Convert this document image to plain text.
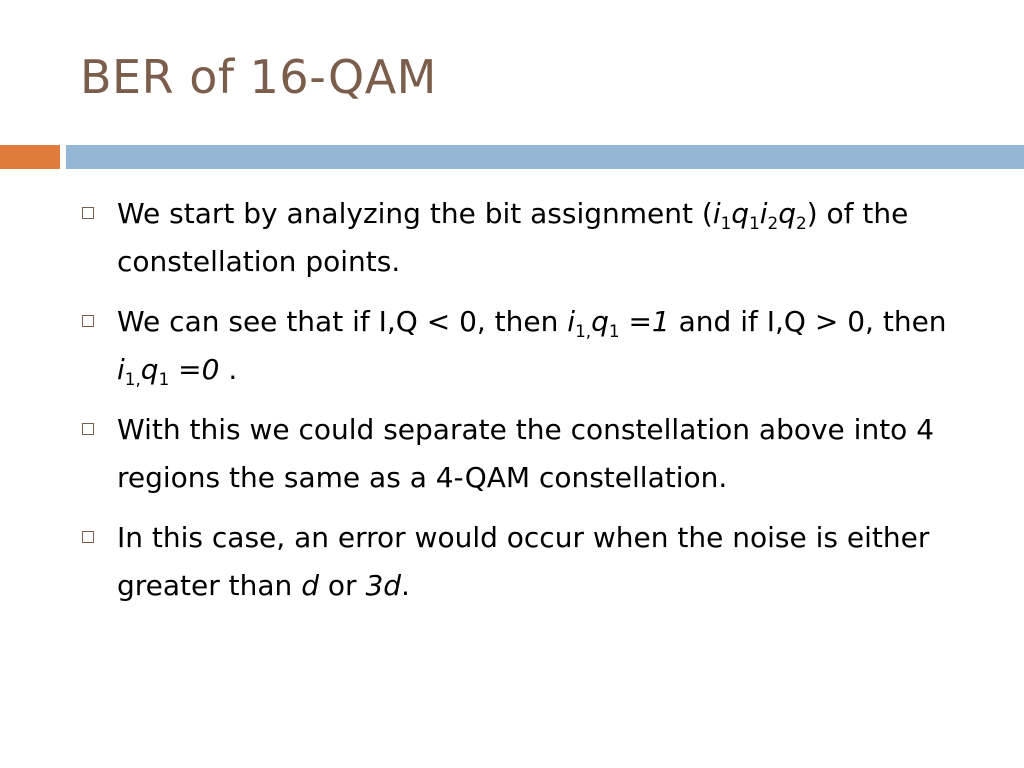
BER of 16-QAM
We start by analyzing the bit assignment $(i_1q_1i_2q_2)$ of the constellation points.
We can see that if I,Q < 0, then $i_{1,}q_1 =1$ and if I,Q > 0, then $i_{1,}q_1 =0$ .
With this we could separate the constellation above into 4 regions the same as a 4-QAM constellation.
In this case, an error would occur when the noise is either greater than d or 3d.
